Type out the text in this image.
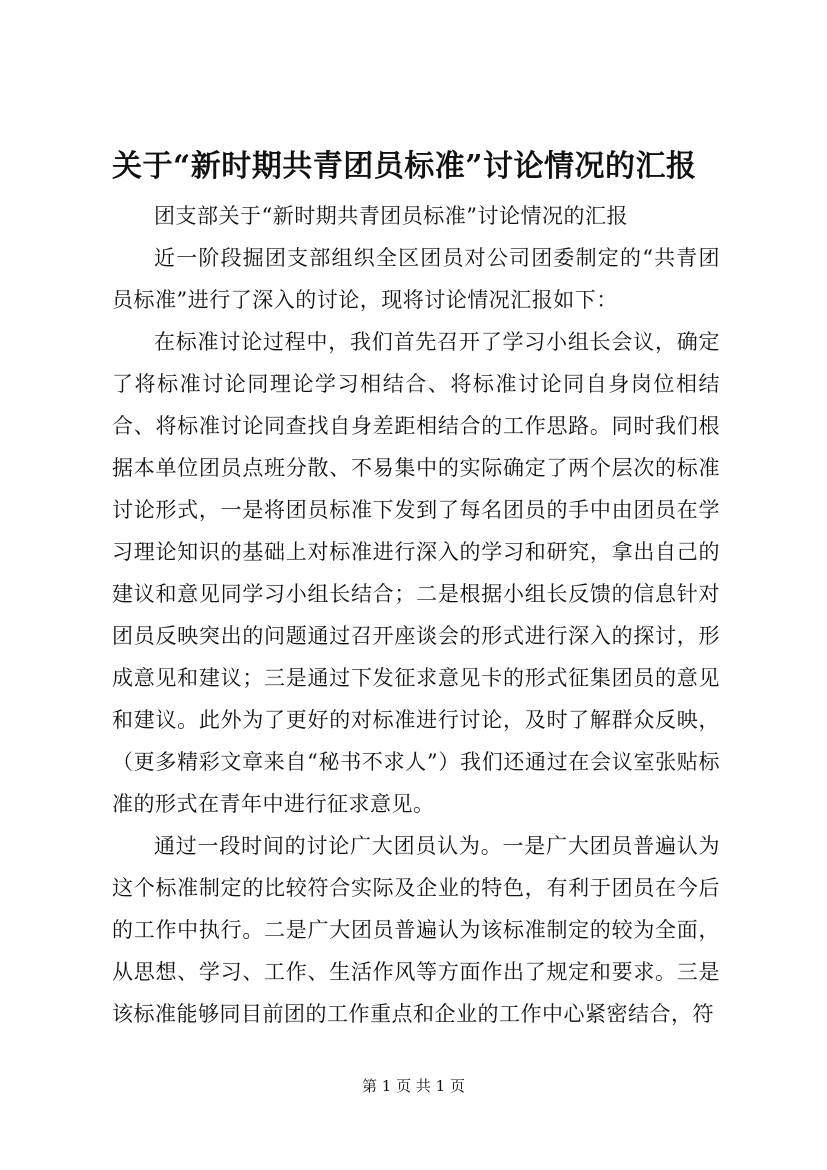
关于“新时期共青团员标准”讨论情况的汇报

团支部关于“新时期共青团员标准”讨论情况的汇报

近一阶段掘团支部组织全区团员对公司团委制定的“共青团员标准”进行了深入的讨论，现将讨论情况汇报如下：

在标准讨论过程中，我们首先召开了学习小组长会议，确定了将标准讨论同理论学习相结合、将标准讨论同自身岗位相结合、将标准讨论同查找自身差距相结合的工作思路。同时我们根据本单位团员点班分散、不易集中的实际确定了两个层次的标准讨论形式，一是将团员标准下发到了每名团员的手中由团员在学习理论知识的基础上对标准进行深入的学习和研究，拿出自己的建议和意见同学习小组长结合；二是根据小组长反馈的信息针对团员反映突出的问题通过召开座谈会的形式进行深入的探讨，形成意见和建议；三是通过下发征求意见卡的形式征集团员的意见和建议。此外为了更好的对标准进行讨论，及时了解群众反映，（更多精彩文章来自“秘书不求人”）我们还通过在会议室张贴标准的形式在青年中进行征求意见。

通过一段时间的讨论广大团员认为。一是广大团员普遍认为这个标准制定的比较符合实际及企业的特色，有利于团员在今后的工作中执行。二是广大团员普遍认为该标准制定的较为全面，从思想、学习、工作、生活作风等方面作出了规定和要求。三是该标准能够同目前团的工作重点和企业的工作中心紧密结合，符

第 1 页 共 1 页
